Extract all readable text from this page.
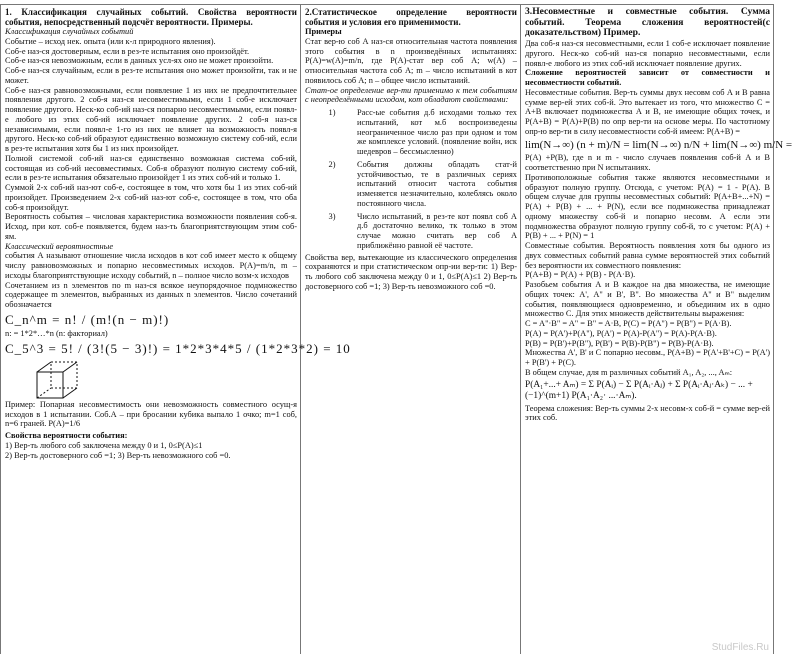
1. Классификация случайных событий. Свойства вероятности события, непосредственный подсчёт вероятности. Примеры.

Классификация случайных событий

Событие – исход нек. опыта (или к-л природного явления).

Соб-е наз-ся достоверным, если в рез-те испытания оно произойдёт.

Соб-е наз-ся невозможным, если в данных усл-ях оно не может произойти.

Соб-е наз-ся случайным, если в рез-те испытания оно может произойти, так и не может.

Соб-е наз-ся равновозможными, если появление 1 из них не предпочтительнее появления другого. 2 соб-я наз-ся несовместимыми, если 1 соб-е исключает появление другого. Неск-ко соб-ий наз-ся попарно несовместимыми, если появл-е любого из этих соб-ий исключает появление других. 2 соб-я наз-ся независимыми, если появл-е 1-го из них не влияет на возможность появл-я другого. Неск-ко соб-ий образуют единственно возможную систему соб-ий, если в рез-те испытания хотя бы 1 из них произойдет.

Полной системой соб-ий наз-ся единственно возможная система соб-ий, состоящая из соб-ий несовместимых. Соб-я образуют полную систему соб-ий, если в рез-те испытания обязательно произойдет 1 из этих соб-ий и только 1.

Суммой 2-х соб-ий наз-ют соб-е, состоящее в том, что хотя бы 1 из этих соб-ий произойдет. Произведением 2-х соб-ий наз-ют соб-е, состоящее в том, что оба соб-я произойдут.

Вероятность события – числовая характеристика возможности появления соб-я. Исход, при кот. соб-е появляется, будем наз-ть благоприятствующим этим соб-ям.

Классический вероятностные

события А называют отношение числа исходов в кот соб имеет место к общему числу равновозможных и попарно несовместимых исходов. P(A)=m/n, m – исходы благоприятствующие исходу событий, n – полное число возм-х исходов

Сочетанием из n элементов по m наз-ся всякое неупорядочное подмножество содержащее m элементов, выбранных из данных n элементов. Число сочетаний обозначается

C_n^m = n! / (m!(n − m)!)

n: = 1*2*…*n (n: факториал)

C_5^3 = 5! / (3!(5 − 3)!) = 1*2*3*4*5 / (1*2*3*2) = 10

Пример: Попарная несовместимость они невозможность совместного осущ-я исходов в 1 испытании. Соб.А – при бросании кубика выпало 1 очко; m=1 соб, n=6 граней. P(A)=1/6

Свойства вероятности события:

1) Вер-ть любого соб заключена между 0 и 1, 0≤P(A)≤1

2) Вер-ть достоверного соб =1; 3) Вер-ть невозможного соб =0.

2.Статистическое определение вероятности события и условия его применимости.

Примеры

Стат вер-ю соб А наз-ся относительная частота появления этого события в n произведённых испытаниях: P(A)=w(A)=m/n, где P(A)-стат вер соб А; w(A) – относительная частота соб А; m – число испытаний в кот появилось соб А; n – общее число испытаний.

Стат-ое определение вер-ти применимо к тем событиям с неопределёнными исходом, кот обладают свойствами:

1)	Расс-ые события д.б исходами только тех испытаний, кот м.б воспроизведены неограниченное число раз при одном и том же комплексе условий. (появление войн, иск шедевров – бессмысленно)
2)	События должны обладать стат-й устойчивостью, те в различных сериях испытаний относит частота события изменяется незначительно, колеблясь около постоянного числа.
3)	Число испытаний, в рез-те кот появл соб А д.б достаточно велико, тк только в этом случае можно считать вер соб А приближённо равной её частоте.

Свойства вер, вытекающие из классического определения сохраняются и при статистическом опр-ии вер-ти: 1) Вер-ть любого соб заключена между 0 и 1, 0≤P(A)≤1 2) Вер-ть достоверного соб =1; 3) Вер-ть невозможного соб =0.

3.Несовместные и совместные события. Сумма событий. Теорема сложения вероятностей(с доказательством) Пример.

Два соб-я наз-ся несовместными, если 1 соб-е исключает появление другого. Неск-ко соб-ий наз-ся попарно несовместными, если появл-е любого из этих соб-ий исключает появление других.

Сложение вероятностей зависит от совместности и несовместности событий.

Несовместные события. Вер-ть суммы двух несовм соб А и В равна сумме вер-ей этих соб-й. Это вытекает из того, что множество С = А+В включает подмножества А и В, не имеющие общих точек, и P(A+B) = P(A)+P(B) по опр вер-ти на основе меры. По частотному опр-ю вер-ти в силу несовместности соб-й имеем: P(A+B) =

lim(N→∞) (n + m)/N = lim(N→∞) n/N + lim(N→∞) m/N =

P(A) +P(B), где n и m - число случаев появления соб-й А и В соответственно при N испытаниях.

Противоположные события также являются несовместными и образуют полную группу. Отсюда, с учетом: P(A) = 1 - P(A). В общем случае для группы несовместных событий: P(A+B+...+N) = P(A) + P(B) + ... + P(N), если все подмножества принадлежат одному множеству соб-й и попарно несовм. А если эти подмножества образуют полную группу соб-й, то с учетом: P(A) + P(B) + ... + P(N) = 1

Совместные события. Вероятность появления хотя бы одного из двух совместных событий равна сумме вероятностей этих событий без вероятности их совместного появления:

P(A+B) = P(A) + P(B) - P(A·B).

Разобьем события А и В каждое на два множества, не имеющие общих точек: А', А" и В', В". Во множества А" и В" выделим события, появляющиеся одновременно, и объединим их в одно множество С. Для этих множеств действительны выражения:

C = A"·B" = A" = B" = A·B, P(C) = P(A") = P(B") = P(A·B).

P(A) = P(A')+P(A"), P(A') = P(A)-P(A") = P(A)-P(A·B).

P(B) = P(B')+P(B"), P(B') = P(B)-P(B") = P(B)-P(A·B).

Множества А', В' и С попарно несовм., P(A+B) = P(A'+B'+C) = P(A') + P(B') + P(C).

В общем случае, для m различных событий A₁, A₂, ..., Aₘ:

P(A₁+...+ Aₘ) = Σ P(Aᵢ) − Σ P(Aᵢ·Aⱼ) + Σ P(Aᵢ·Aⱼ·Aₖ) − ... + (−1)^(m+1) P(A₁·A₂· ...·Aₘ).

Теорема сложения: Вер-ть суммы 2-х несовм-х соб-й = сумме вер-ей этих соб.

StudFiles.Ru
